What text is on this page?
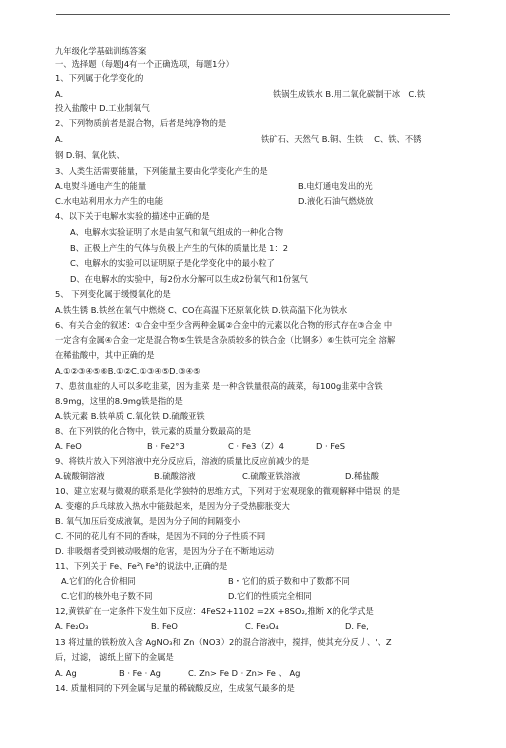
九年级化学基础训练答案
一、选择题（每题J4有一个正确选项，每题1分）
1、下列属于化学变化的
A.	铁锅生成铁水 B.用二氧化碳制干冰　C.铁
投入盐酸中 D.工业制氧气
2、下列物质前者是混合物，后者是纯净物的是
A.	铁矿石、天然气 B.铜、生铁　 C、铁、不锈
钢 D.铜、氧化铁、
3、人类生活需要能量，下列能量主要由化学变化产生的是
A.电熨斗通电产生的能量	B.电灯通电发出的光
C.水电站利用水力产生的电能	D.液化石油气燃烧放
4、以下关于电解水实验的描述中正确的是
A、电解水实验证明了水是由氢气和氧气组成的一种化合物
B、正极上产生的气体与负极上产生的气体的质量比是 1：2
C、电解水的实验可以证明原子是化学变化中的最小粒了
D、在电解水的实验中，每2份水分解可以生成2份氧气和1份氢气
5、 下列变化属于缓慢氧化的是
A.铁生锈 B.铁丝在氧气中燃烧 C、CO在高温下还原氧化铁 D.铁高温下化为铁水
6、有关合金的叙述：①合金中至少含两种金属②合金中的元素以化合物的形式存在③合金 中
一定含有金属④合金一定是混合物⑤生铁是含杂质较多的铁合金（比钢多）⑥生铁可完全 溶解
在稀盐酸中，其中正确的是
A.①②③④⑤⑥B.①②C.①③④⑤D.③④⑤
7、患贫血症的人可以多吃韭菜，因为韭菜 是一种含铁量很高的蔬菜，每100g韭菜中含铁
8.9mg，这里的8.9mg铁是指的是
A.铁元素 B.铁单质 C.氧化铁 D.硫酸亚铁
8、在下列铁的化合物中，铁元素的质量分数最高的是
A. FeO	B · Fe2°3	C · Fe3（Z）4	D · FeS
9、将铁片放入下列溶液中充分反应后，溶液的质量比反应前减少的是
A.硫酸铜溶液	B.硫酸溶液	C.硫酸亚铁溶液	D.稀盐酸
10、建立宏观与微观的联系是化学独特的思维方式，下列对于宏观现象的微观解释中错误 的是
A. 变瘪的乒乓球放入热水中能鼓起来，是因为分子受热膨胀变大
B. 氧气加压后变成液氧，是因为分子间的间隔变小
C. 不同的花儿有不同的香味，是因为不同的分子性质不同
D. 非吸烟者受到被动吸烟的危害，是因为分子在不断地运动
11、下列关于 Fe、Fe²\ Fe³的说法中,正确的是
A.它们的化合价相同	B・它们的质子数和中了数都不同
C.它们的核外电子数不同	D.它们的性质完全相同
12,黄铁矿在一定条件下发生如下反应：4FeS2+1102 =2X +8SO₂,推断 X的化学式是
A. Fe₂O₃	B. FeO	C. Fe₃O₄	D. Fe,
13 将过量的铁粉放入含 AgNO₃和 Zn（NO3）2的混合溶液中，搅拌，使其充分反丿、'、Z
后，过滤， 滤纸上留下的金属是
A. Ag	B · Fe · Ag	C. Zn> Fe D · Zn> Fe 、 Ag
14. 质量相同的下列金属与足量的稀硫酸反应，生成氢气最多的是
